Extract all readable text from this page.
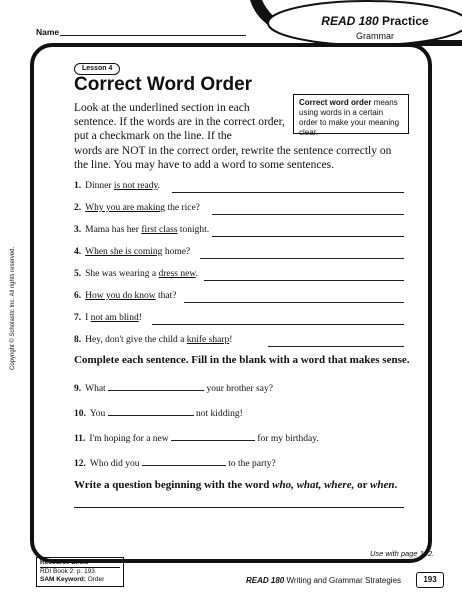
Name
READ 180 Practice
Grammar
Copyright © Scholastic Inc. All rights reserved.
Lesson 4
Correct Word Order
Look at the underlined section in each sentence. If the words are in the correct order, put a checkmark on the line. If the
words are NOT in the correct order, rewrite the sentence correctly on the line. You may have to add a word to some sentences.
Correct word order means using words in a certain order to make your meaning clear.
1. Dinner is not ready.
2. Why you are making the rice?
3. Mama has her first class tonight.
4. When she is coming home?
5. She was wearing a dress new.
6. How you do know that?
7. I not am blind!
8. Hey, don't give the child a knife sharp!
Complete each sentence. Fill in the blank with a word that makes sense.
9. What	your brother say?
10. You	not kidding!
11. I'm hoping for a new	for my birthday.
12. Who did you	to the party?
Write a question beginning with the word who, what, where, or when.
Resource Links
RDI Book 2: p. 193
SAM Keyword: Order
Use with page 192.
READ 180 Writing and Grammar Strategies	193
